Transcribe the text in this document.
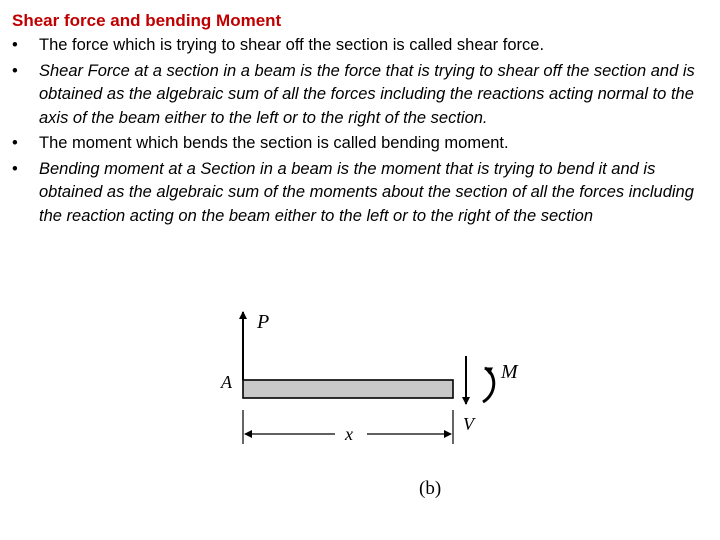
Shear force and bending Moment
•	The force which is trying to shear off the section is called shear force.
•	Shear Force at a section in a beam is the force that is trying to shear off the section and is obtained as the algebraic sum of all the forces including the reactions acting normal to the axis of the beam either to the left or to the right of the section.
•	The moment which bends the section is called bending moment.
•	Bending moment at a Section in a beam is the moment that is trying to bend it and is obtained as the algebraic sum of the moments about the section of all the forces including the reaction acting on the beam either to the left or to the right of the section
P
A
V
M
x
(b)
